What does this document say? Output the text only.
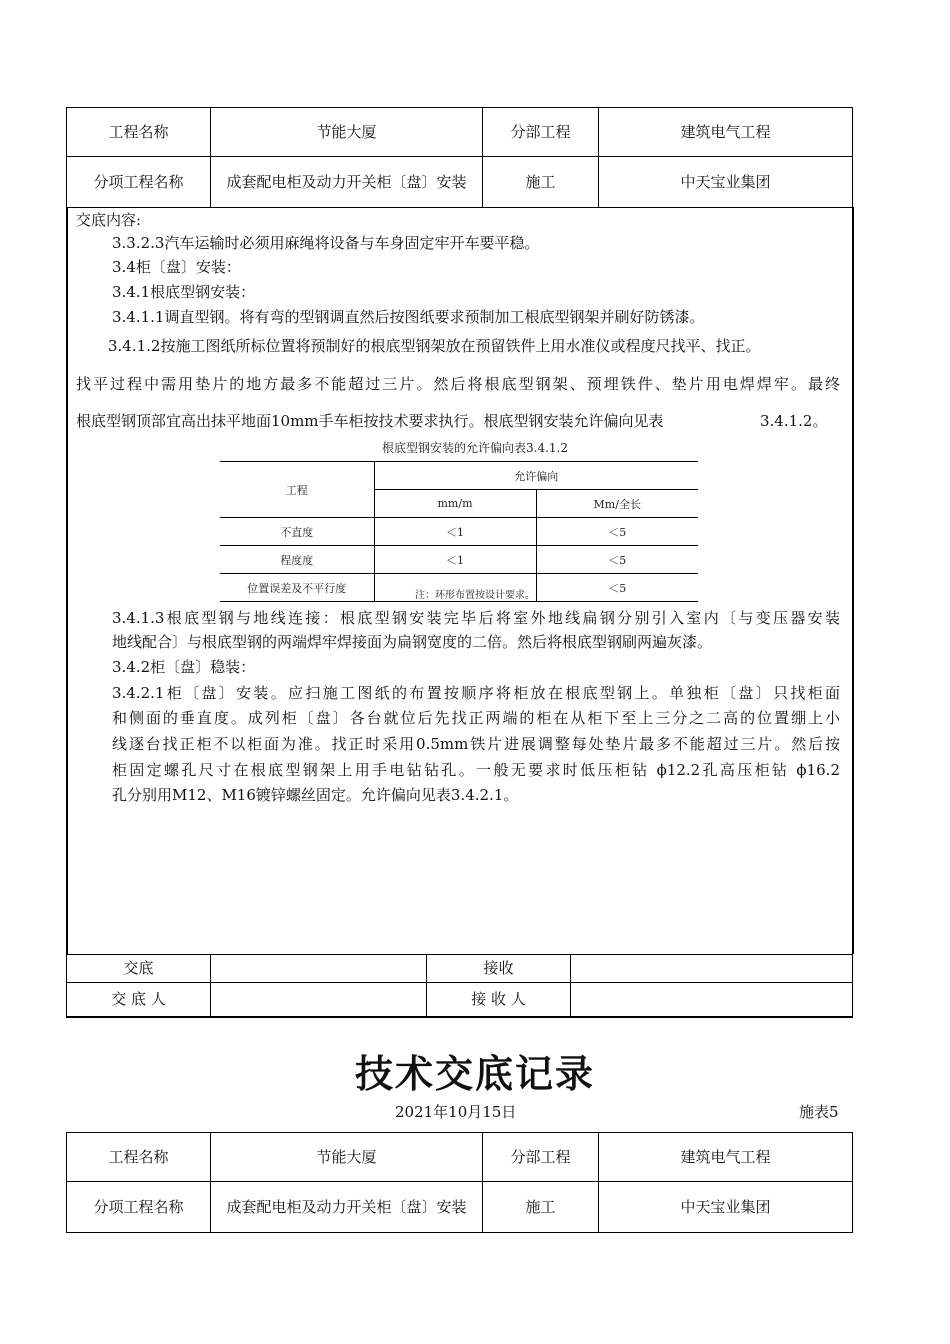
工程名称	节能大厦	分部工程	建筑电气工程
分项工程名称	成套配电柜及动力开关柜〔盘〕安装	施工	中天宝业集团
交底内容:
3.3.2.3汽车运输时必须用麻绳将设备与车身固定牢开车要平稳。
3.4柜〔盘〕安装：
3.4.1根底型钢安装：
3.4.1.1调直型钢。将有弯的型钢调直然后按图纸要求预制加工根底型钢架并刷好防锈漆。
3.4.1.2按施工图纸所标位置将预制好的根底型钢架放在预留铁件上用水准仪或程度尺找平、找正。
找平过程中需用垫片的地方最多不能超过三片。然后将根底型钢架、预埋铁件、垫片用电焊焊牢。最终
根底型钢顶部宜高出抹平地面10mm手车柜按技术要求执行。根底型钢安装允许偏向见表	3.4.1.2。
根底型钢安装的允许偏向表3.4.1.2
工程	允许偏向	
	mm/m	Mm/全长
不直度	＜1	＜5
程度度	＜1	＜5
位置误差及不平行度		＜5
注：环形布置按设计要求。
3.4.1.3根底型钢与地线连接：根底型钢安装完毕后将室外地线扁钢分别引入室内〔与变压器安装
地线配合〕与根底型钢的两端焊牢焊接面为扁钢宽度的二倍。然后将根底型钢刷两遍灰漆。
3.4.2柜〔盘〕稳装：
3.4.2.1柜〔盘〕安装。应扫施工图纸的布置按顺序将柜放在根底型钢上。单独柜〔盘〕只找柜面
和侧面的垂直度。成列柜〔盘〕各台就位后先找正两端的柜在从柜下至上三分之二高的位置绷上小
线逐台找正柜不以柜面为准。找正时采用0.5mm铁片进展调整每处垫片最多不能超过三片。然后按
柜固定螺孔尺寸在根底型钢架上用手电钻钻孔。一般无要求时低压柜钻 ϕ12.2孔高压柜钻 ϕ16.2
孔分别用M12、M16镀锌螺丝固定。允许偏向见表3.4.2.1。
交底		接收	
交 底 人		接 收 人	
技术交底记录
2021年10月15日	施表5
工程名称	节能大厦	分部工程	建筑电气工程
分项工程名称	成套配电柜及动力开关柜〔盘〕安装	施工	中天宝业集团
